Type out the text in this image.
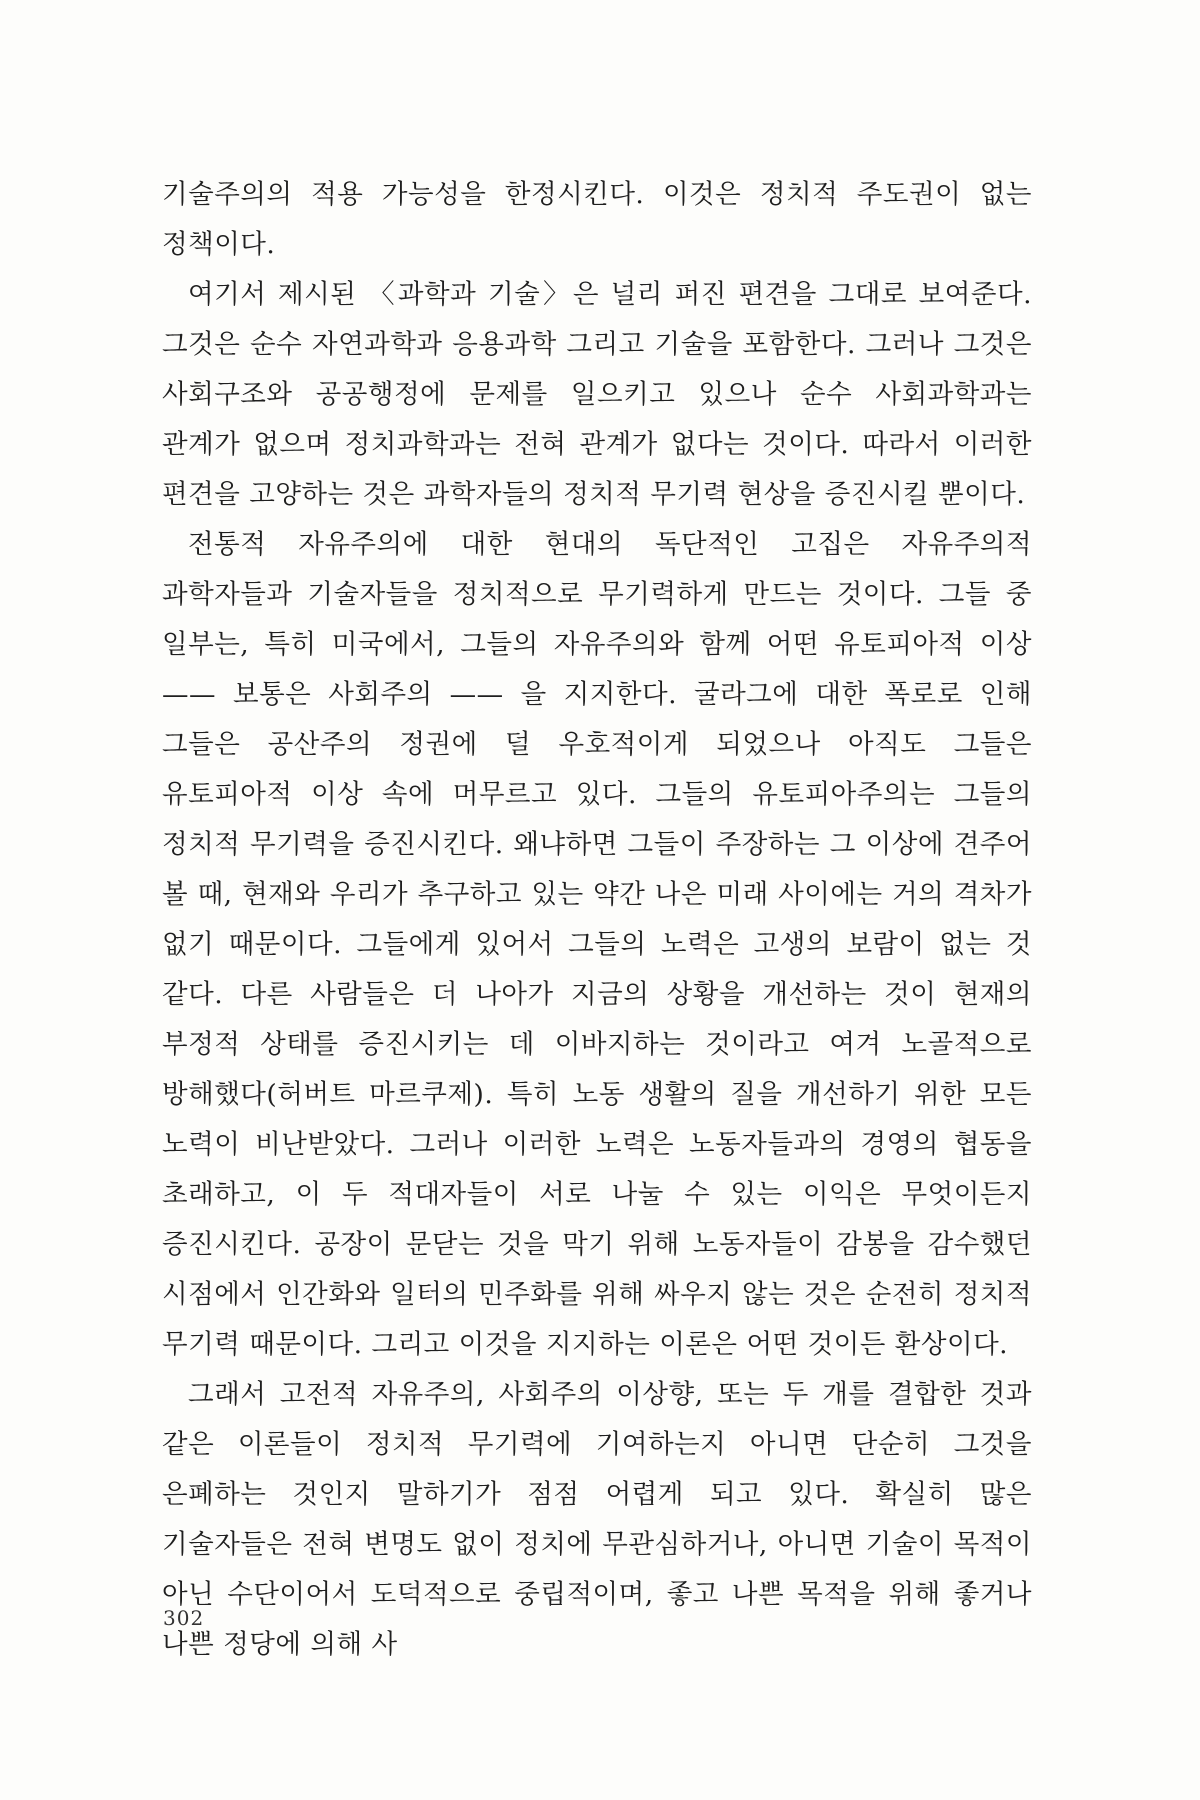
기술주의의 적용 가능성을 한정시킨다. 이것은 정치적 주도권이 없는 정책이다.

여기서 제시된 〈과학과 기술〉은 널리 퍼진 편견을 그대로 보여준다. 그것은 순수 자연과학과 응용과학 그리고 기술을 포함한다. 그러나 그것은 사회구조와 공공행정에 문제를 일으키고 있으나 순수 사회과학과는 관계가 없으며 정치과학과는 전혀 관계가 없다는 것이다. 따라서 이러한 편견을 고양하는 것은 과학자들의 정치적 무기력 현상을 증진시킬 뿐이다.

전통적 자유주의에 대한 현대의 독단적인 고집은 자유주의적 과학자들과 기술자들을 정치적으로 무기력하게 만드는 것이다. 그들 중 일부는, 특히 미국에서, 그들의 자유주의와 함께 어떤 유토피아적 이상 —— 보통은 사회주의 —— 을 지지한다. 굴라그에 대한 폭로로 인해 그들은 공산주의 정권에 덜 우호적이게 되었으나 아직도 그들은 유토피아적 이상 속에 머무르고 있다. 그들의 유토피아주의는 그들의 정치적 무기력을 증진시킨다. 왜냐하면 그들이 주장하는 그 이상에 견주어 볼 때, 현재와 우리가 추구하고 있는 약간 나은 미래 사이에는 거의 격차가 없기 때문이다. 그들에게 있어서 그들의 노력은 고생의 보람이 없는 것 같다. 다른 사람들은 더 나아가 지금의 상황을 개선하는 것이 현재의 부정적 상태를 증진시키는 데 이바지하는 것이라고 여겨 노골적으로 방해했다(허버트 마르쿠제). 특히 노동 생활의 질을 개선하기 위한 모든 노력이 비난받았다. 그러나 이러한 노력은 노동자들과의 경영의 협동을 초래하고, 이 두 적대자들이 서로 나눌 수 있는 이익은 무엇이든지 증진시킨다. 공장이 문닫는 것을 막기 위해 노동자들이 감봉을 감수했던 시점에서 인간화와 일터의 민주화를 위해 싸우지 않는 것은 순전히 정치적 무기력 때문이다. 그리고 이것을 지지하는 이론은 어떤 것이든 환상이다.

그래서 고전적 자유주의, 사회주의 이상향, 또는 두 개를 결합한 것과 같은 이론들이 정치적 무기력에 기여하는지 아니면 단순히 그것을 은폐하는 것인지 말하기가 점점 어렵게 되고 있다. 확실히 많은 기술자들은 전혀 변명도 없이 정치에 무관심하거나, 아니면 기술이 목적이 아닌 수단이어서 도덕적으로 중립적이며, 좋고 나쁜 목적을 위해 좋거나 나쁜 정당에 의해 사

302
